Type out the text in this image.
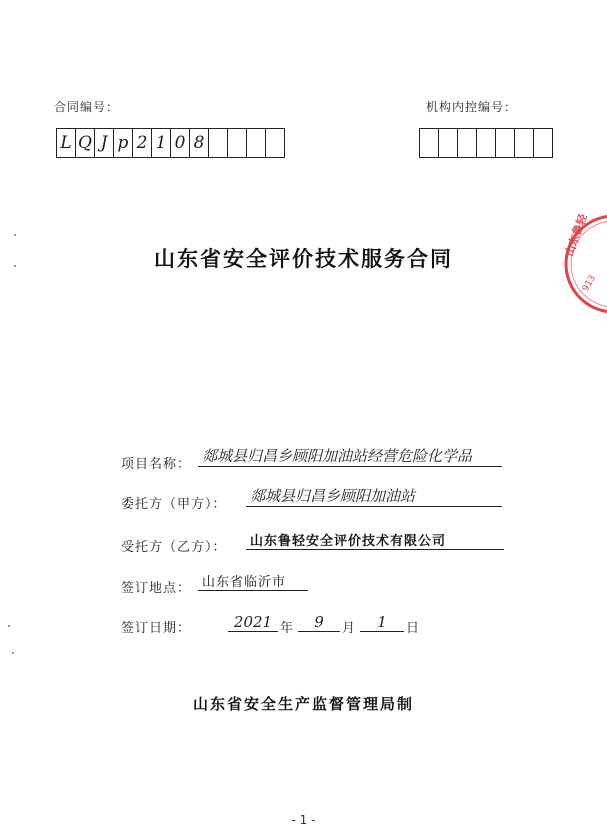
合同编号：	机构内控编号：
L Q J p 2 1 0 8
山东鲁轻
913
山东省安全评价技术服务合同
项目名称： 郯城县归昌乡顾阳加油站经营危险化学品
委托方（甲方）： 郯城县归昌乡顾阳加油站
受托方（乙方）： 山东鲁轻安全评价技术有限公司
签订地点： 山东省临沂市
签订日期：	2021 年 9 月 1 日
山东省安全生产监督管理局制
- 1 -
